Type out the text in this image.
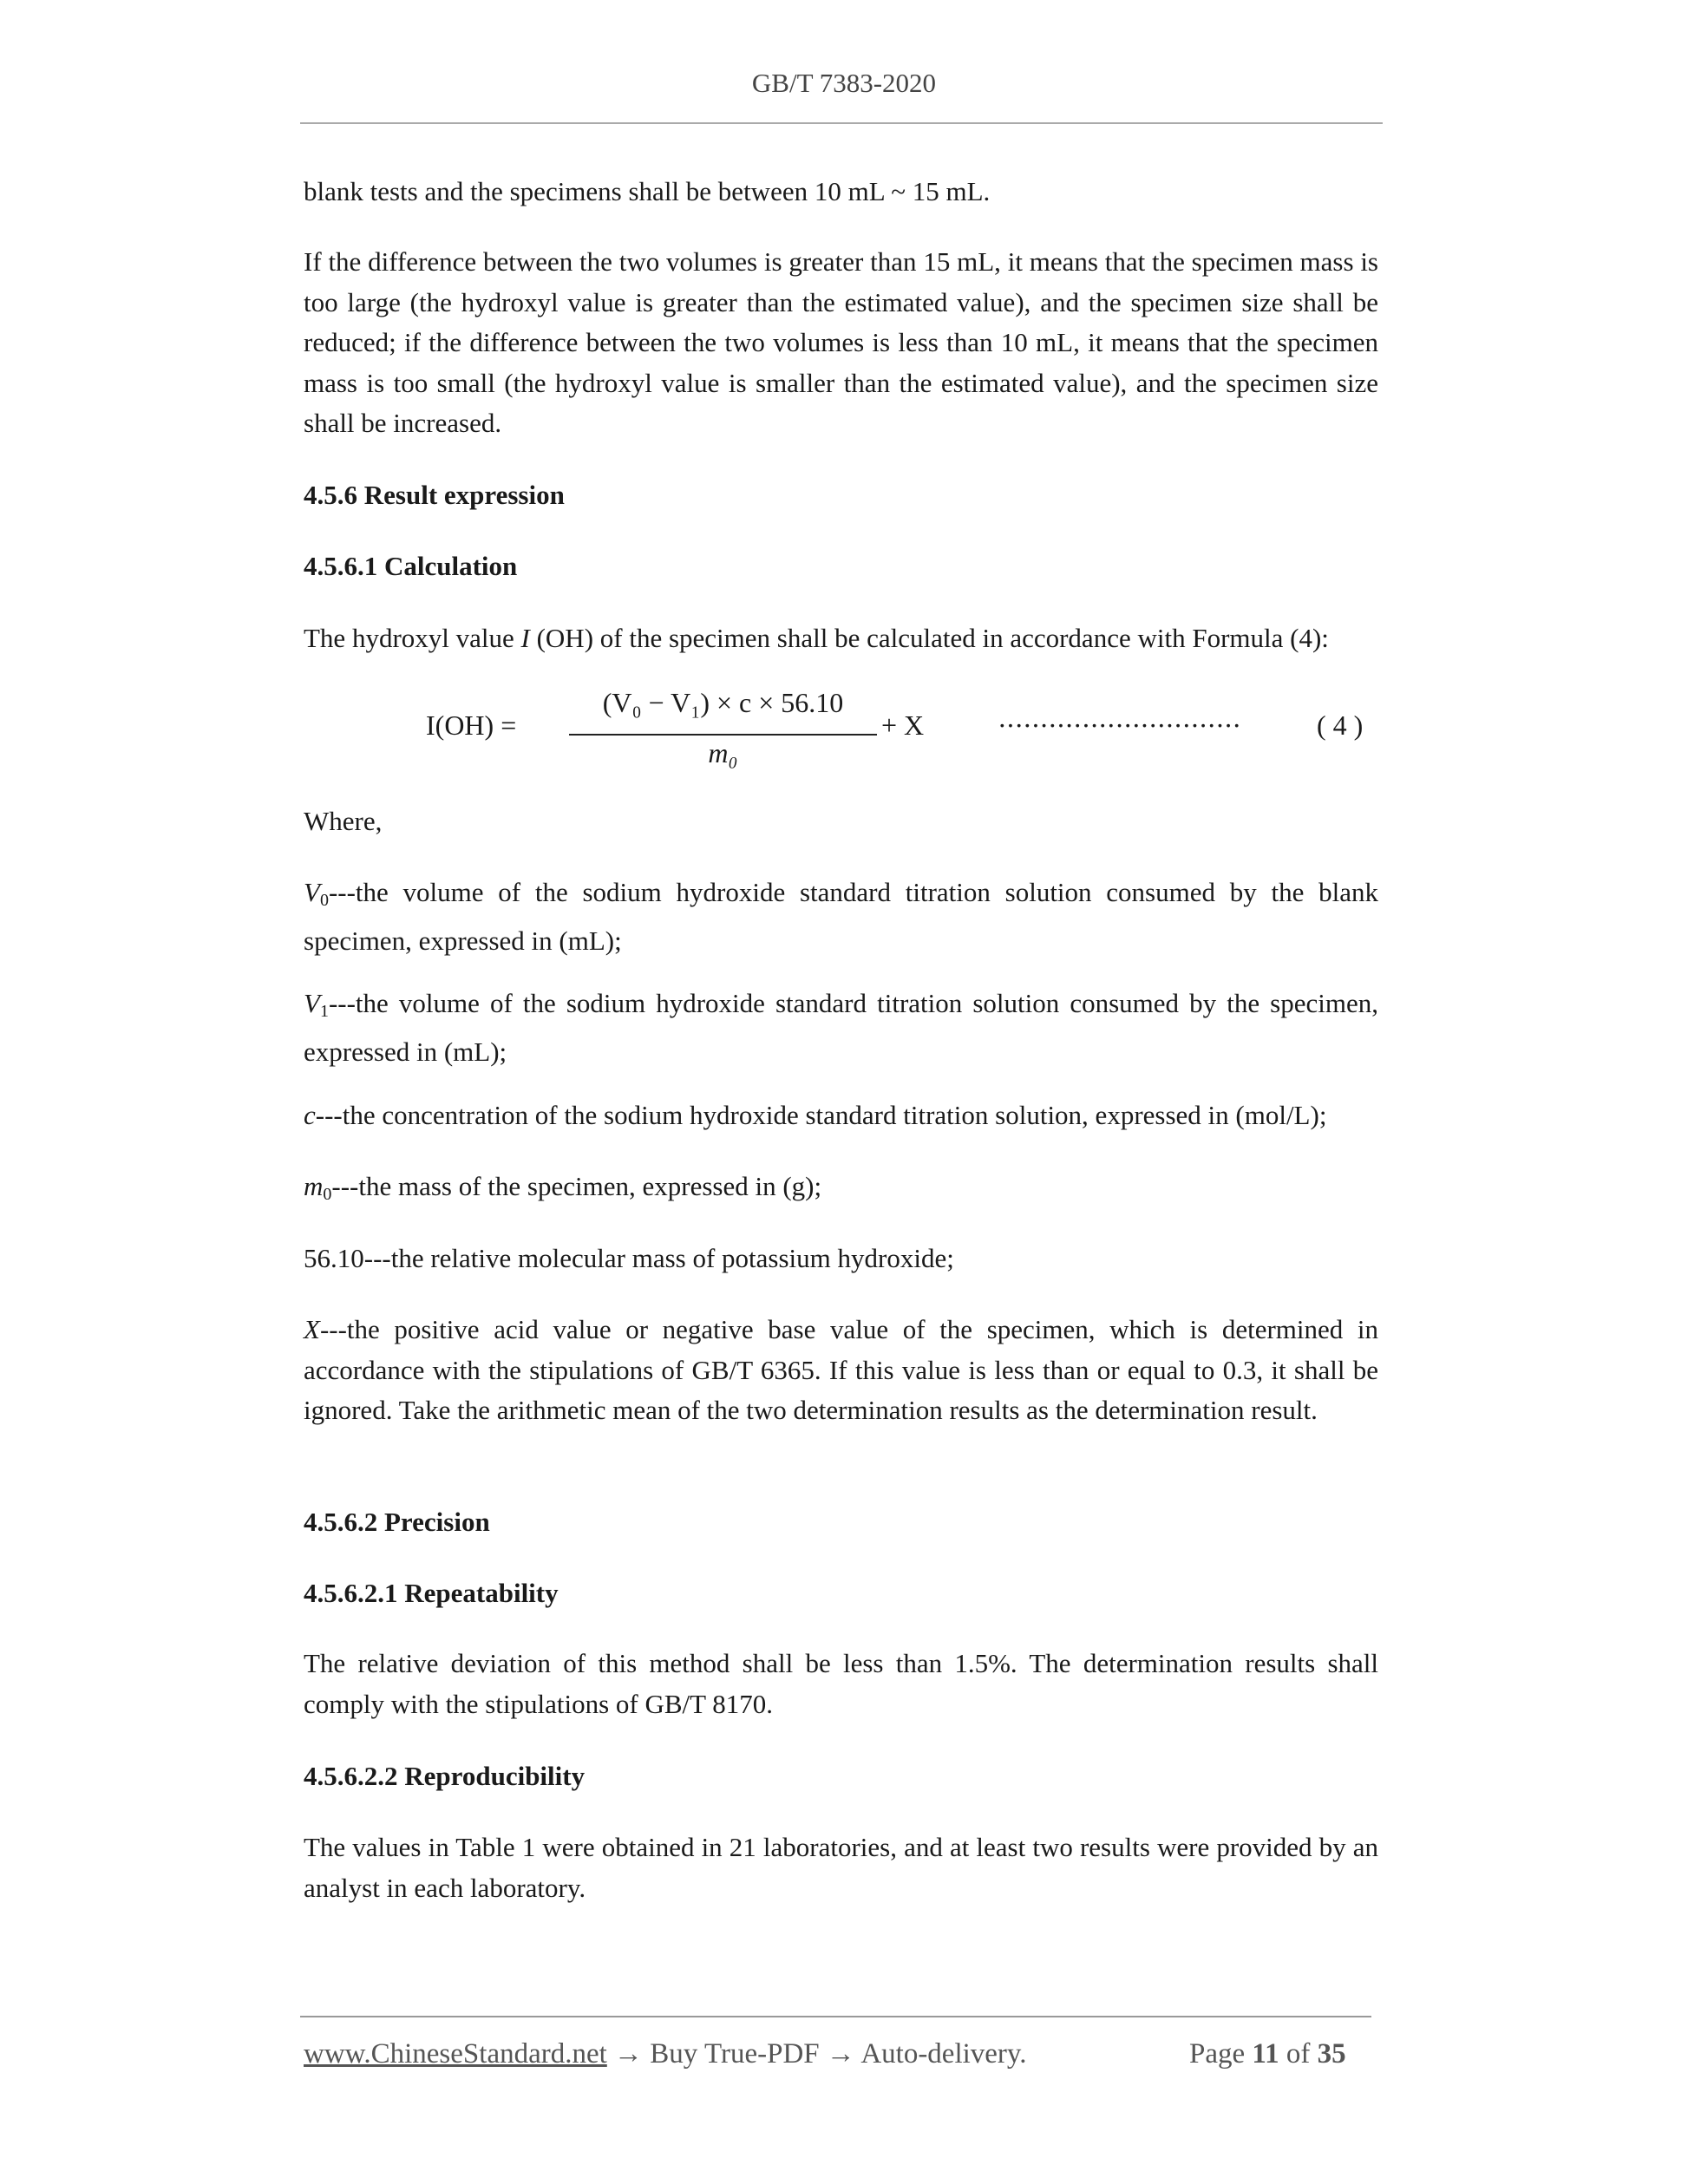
GB/T 7383-2020

blank tests and the specimens shall be between 10 mL ~ 15 mL.

If the difference between the two volumes is greater than 15 mL, it means that the specimen mass is too large (the hydroxyl value is greater than the estimated value), and the specimen size shall be reduced; if the difference between the two volumes is less than 10 mL, it means that the specimen mass is too small (the hydroxyl value is smaller than the estimated value), and the specimen size shall be increased.

4.5.6 Result expression

4.5.6.1 Calculation

The hydroxyl value I (OH) of the specimen shall be calculated in accordance with Formula (4):

I(OH) =
(V₀ − V₁) × c × 56.10
m₀
+ X	·····························	( 4 )

Where,

$V_0--$-the volume of the sodium hydroxide standard titration solution consumed by the blank specimen, expressed in (mL);

$V_1--$-the volume of the sodium hydroxide standard titration solution consumed by the specimen, expressed in (mL);

c---the concentration of the sodium hydroxide standard titration solution, expressed in (mol/L);

$m_0--$-the mass of the specimen, expressed in (g);

56.10---the relative molecular mass of potassium hydroxide;

X---the positive acid value or negative base value of the specimen, which is determined in accordance with the stipulations of GB/T 6365. If this value is less than or equal to 0.3, it shall be ignored. Take the arithmetic mean of the two determination results as the determination result.

4.5.6.2 Precision

4.5.6.2.1 Repeatability

The relative deviation of this method shall be less than 1.5%. The determination results shall comply with the stipulations of GB/T 8170.

4.5.6.2.2 Reproducibility

The values in Table 1 were obtained in 21 laboratories, and at least two results were provided by an analyst in each laboratory.

www.ChineseStandard.net → Buy True-PDF → Auto-delivery.	Page 11 of 35
